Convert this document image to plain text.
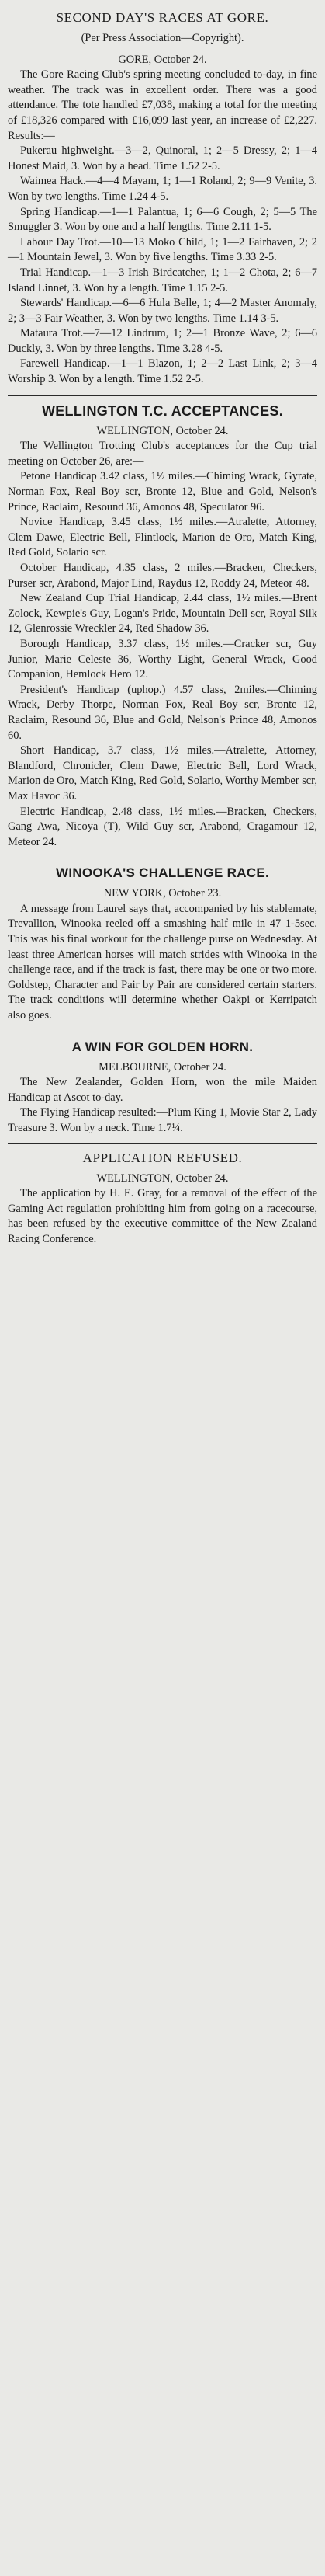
SECOND DAY'S RACES AT GORE.
(Per Press Association—Copyright).
GORE, October 24.

The Gore Racing Club's spring meeting concluded to-day, in fine weather. The track was in excellent order. There was a good attendance. The tote handled £7,038, making a total for the meeting of £18,326 compared with £16,099 last year, an increase of £2,227. Results:—

Pukerau highweight.—3—2, Quinoral, 1; 2—5 Dressy, 2; 1—4 Honest Maid, 3. Won by a head. Time 1.52 2-5.

Waimea Hack.—4—4 Mayam, 1; 1—1 Roland, 2; 9—9 Venite, 3. Won by two lengths. Time 1.24 4-5.

Spring Handicap.—1—1 Palantua, 1; 6—6 Cough, 2; 5—5 The Smuggler 3. Won by one and a half lengths. Time 2.11 1-5.

Labour Day Trot.—10—13 Moko Child, 1; 1—2 Fairhaven, 2; 2—1 Mountain Jewel, 3. Won by five lengths. Time 3.33 2-5.

Trial Handicap.—1—3 Irish Birdcatcher, 1; 1—2 Chota, 2; 6—7 Island Linnet, 3. Won by a length. Time 1.15 2-5.

Stewards' Handicap.—6—6 Hula Belle, 1; 4—2 Master Anomaly, 2; 3—3 Fair Weather, 3. Won by two lengths. Time 1.14 3-5.

Mataura Trot.—7—12 Lindrum, 1; 2—1 Bronze Wave, 2; 6—6 Duckly, 3. Won by three lengths. Time 3.28 4-5.

Farewell Handicap.—1—1 Blazon, 1; 2—2 Last Link, 2; 3—4 Worship 3. Won by a length. Time 1.52 2-5.

WELLINGTON T.C. ACCEPTANCES.
WELLINGTON, October 24.

The Wellington Trotting Club's acceptances for the Cup trial meeting on October 26, are:—

Petone Handicap 3.42 class, 1½ miles.—Chiming Wrack, Gyrate, Norman Fox, Real Boy scr, Bronte 12, Blue and Gold, Nelson's Prince, Raclaim, Resound 36, Amonos 48, Speculator 96.

Novice Handicap, 3.45 class, 1½ miles.—Atralette, Attorney, Clem Dawe, Electric Bell, Flintlock, Marion de Oro, Match King, Red Gold, Solario scr.

October Handicap, 4.35 class, 2 miles.—Bracken, Checkers, Purser scr, Arabond, Major Lind, Raydus 12, Roddy 24, Meteor 48.

New Zealand Cup Trial Handicap, 2.44 class, 1½ miles.—Brent Zolock, Kewpie's Guy, Logan's Pride, Mountain Dell scr, Royal Silk 12, Glenrossie Wreckler 24, Red Shadow 36.

Borough Handicap, 3.37 class, 1½ miles.—Cracker scr, Guy Junior, Marie Celeste 36, Worthy Light, General Wrack, Good Companion, Hemlock Hero 12.

President's Handicap (uphop.) 4.57 class, 2miles.—Chiming Wrack, Derby Thorpe, Norman Fox, Real Boy scr, Bronte 12, Raclaim, Resound 36, Blue and Gold, Nelson's Prince 48, Amonos 60.

Short Handicap, 3.7 class, 1½ miles.—Atralette, Attorney, Blandford, Chronicler, Clem Dawe, Electric Bell, Lord Wrack, Marion de Oro, Match King, Red Gold, Solario, Worthy Member scr, Max Havoc 36.

Electric Handicap, 2.48 class, 1½ miles.—Bracken, Checkers, Gang Awa, Nicoya (T), Wild Guy scr, Arabond, Cragamour 12, Meteor 24.

WINOOKA'S CHALLENGE RACE.
NEW YORK, October 23.

A message from Laurel says that, accompanied by his stablemate, Trevallion, Winooka reeled off a smashing half mile in 47 1-5sec. This was his final workout for the challenge purse on Wednesday. At least three American horses will match strides with Winooka in the challenge race, and if the track is fast, there may be one or two more. Goldstep, Character and Pair by Pair are considered certain starters. The track conditions will determine whether Oakpi or Kerripatch also goes.

A WIN FOR GOLDEN HORN.
MELBOURNE, October 24.

The New Zealander, Golden Horn, won the mile Maiden Handicap at Ascot to-day.

The Flying Handicap resulted:—Plum King 1, Movie Star 2, Lady Treasure 3. Won by a neck. Time 1.7¼.

APPLICATION REFUSED.
WELLINGTON, October 24.

The application by H. E. Gray, for a removal of the effect of the Gaming Act regulation prohibiting him from going on a racecourse, has been refused by the executive committee of the New Zealand Racing Conference.
